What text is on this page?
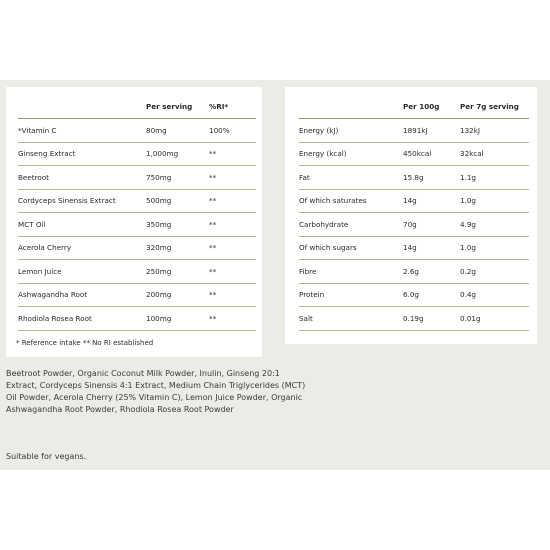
	Per serving	%RI*
*Vitamin C	80mg	100%
Ginseng Extract	1,000mg	**
Beetroot	750mg	**
Cordyceps Sinensis Extract	500mg	**
MCT Oil	350mg	**
Acerola Cherry	320mg	**
Lemon Juice	250mg	**
Ashwagandha Root	200mg	**
Rhodiola Rosea Root	100mg	**
* Reference intake ** No RI established
	Per 100g	Per 7g serving
Energy (kJ)	1891kJ	132kJ
Energy (kcal)	450kcal	32kcal
Fat	15.8g	1.1g
Of which saturates	14g	1.0g
Carbohydrate	70g	4.9g
Of which sugars	14g	1.0g
Fibre	2.6g	0.2g
Protein	6.0g	0.4g
Salt	0.19g	0.01g
Beetroot Powder, Organic Coconut Milk Powder, Inulin, Ginseng 20:1 Extract, Cordyceps Sinensis 4:1 Extract, Medium Chain Triglycerides (MCT) Oil Powder, Acerola Cherry (25% Vitamin C), Lemon Juice Powder, Organic Ashwagandha Root Powder, Rhodiola Rosea Root Powder
Suitable for vegans.
